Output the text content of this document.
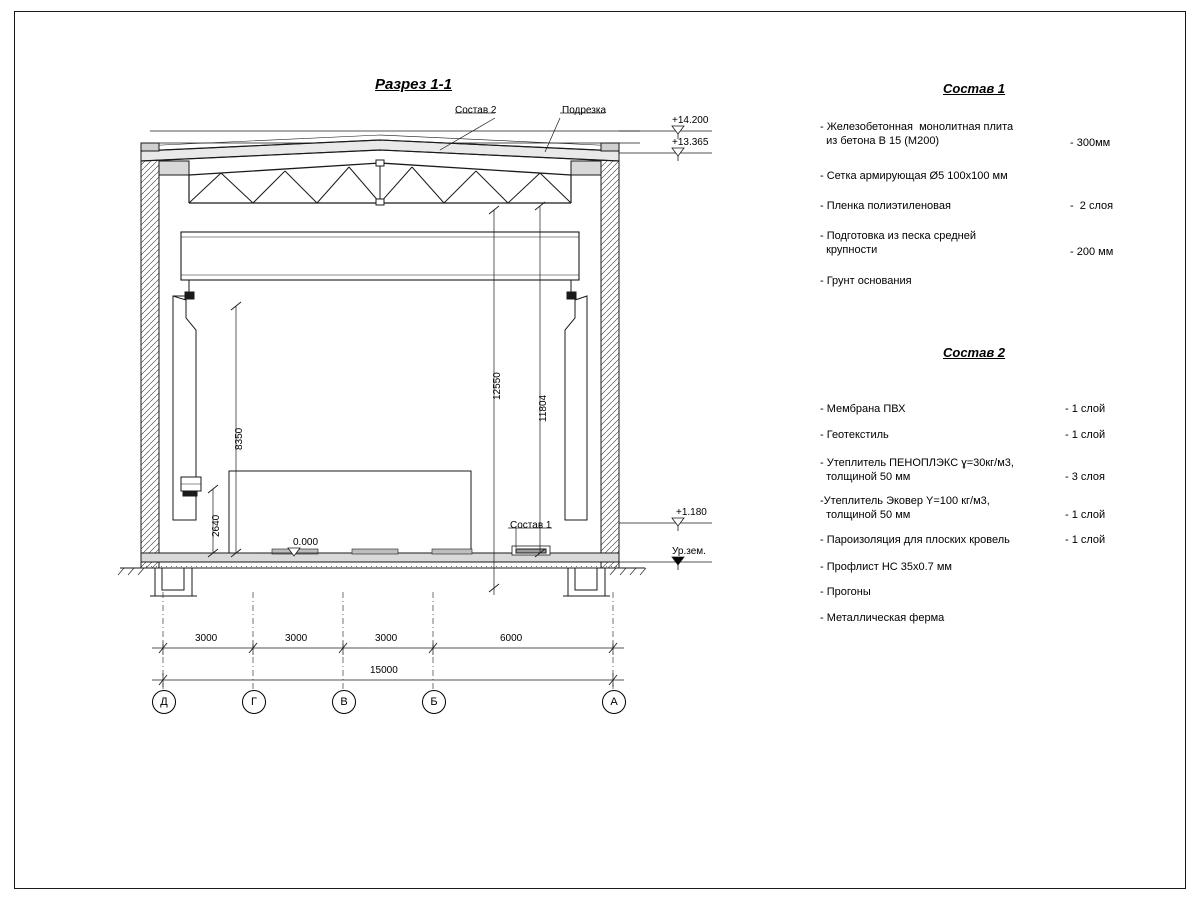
Разрез 1-1
Состав 2	Подрезка
Состав 1
+14.200
+13.365
+1.180
Ур.зем.
0.000
12550
11804
8350
2640
3000	3000	3000	6000
15000
Д	Г	В	Б	А
Состав 1
- Железобетонная  монолитная плита
из бетона В 15 (М200)	- 300мм
- Сетка армирующая Ø5 100х100 мм
- Пленка полиэтиленовая	-  2 слоя
- Подготовка из песка средней
крупности	- 200 мм
- Грунт основания
Состав 2
- Мембрана ПВХ	- 1 слой
- Геотекстиль	- 1 слой
- Утеплитель ПЕНОПЛЭКС ɣ=30кг/м3,
толщиной 50 мм	- 3 слоя
-Утеплитель Эковер Y=100 кг/м3,
толщиной 50 мм	- 1 слой
- Пароизоляция для плоских кровель	- 1 слой
- Профлист НС 35х0.7 мм
- Прогоны
- Металлическая ферма
